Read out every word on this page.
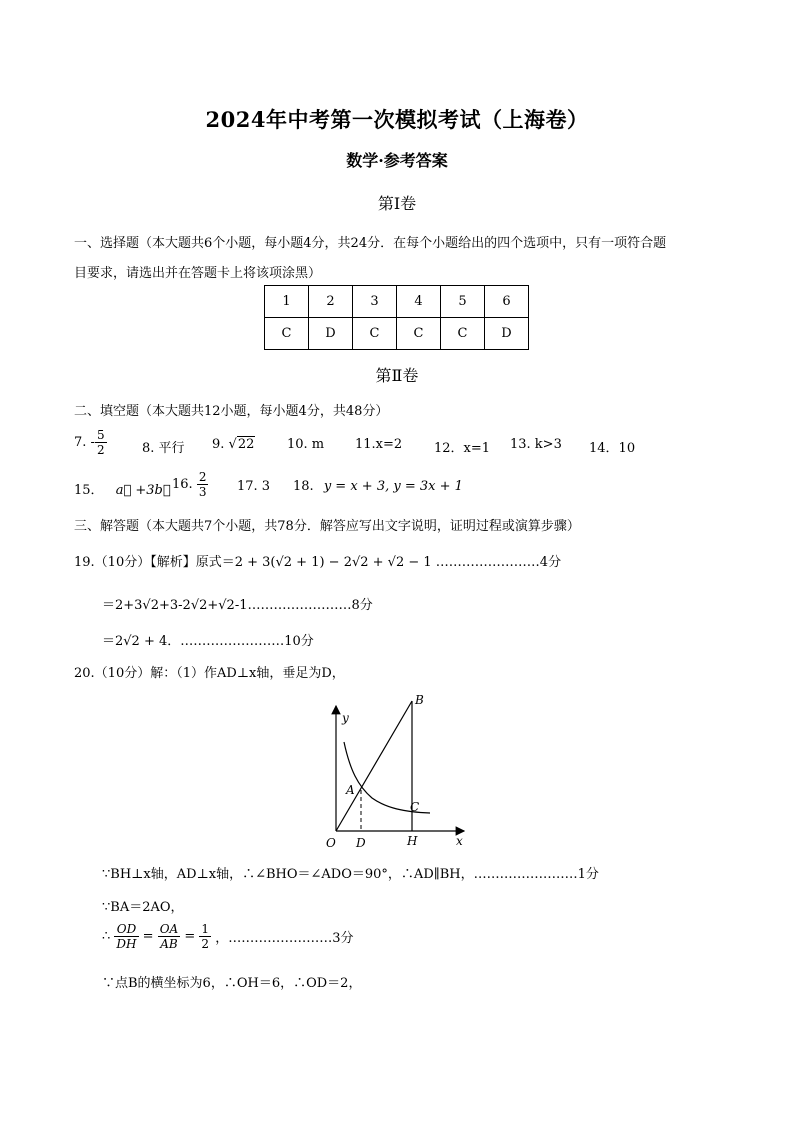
2024年中考第一次模拟考试（上海卷）
数学·参考答案
第Ⅰ卷
一、选择题（本大题共6个小题，每小题4分，共24分．在每个小题给出的四个选项中，只有一项符合题
目要求，请选出并在答题卡上将该项涂黑）
1	2	3	4	5	6
C	D	C	C	C	D
第Ⅱ卷
二、填空题（本大题共12小题，每小题4分，共48分）
7. - $\frac{5}{2}$	8. 平行 9. √22	10. m 11.x=2 12．x=1 13. k>3 14．10
15． a⃗ +3b⃗ 16. $\frac{2}{3} 17$. 3 18. y = x + 3, y = 3x + 1
三、解答题（本大题共7个小题，共78分．解答应写出文字说明，证明过程或演算步骤）
19.（10分）【解析】原式＝2 + 3(√2 + 1) − 2√2 + √2 − 1 ……………………4分
＝2+3√2+3-2√2+√2-1……………………8分
＝2√2 + 4．……………………10分
20.（10分）解：（1）作AD⊥x轴，垂足为D，
y
x
O
A
B
C
D	H
∵BH⊥x轴，AD⊥x轴，∴∠BHO＝∠ADO＝90°，∴AD∥BH，……………………1分
∵BA＝2AO，
∴ $\frac{OD}{DH} = \frac{OA}{AB} = \frac{1}{2}$ ，……………………3分
∵点B的横坐标为6，∴OH＝6，∴OD＝2，
